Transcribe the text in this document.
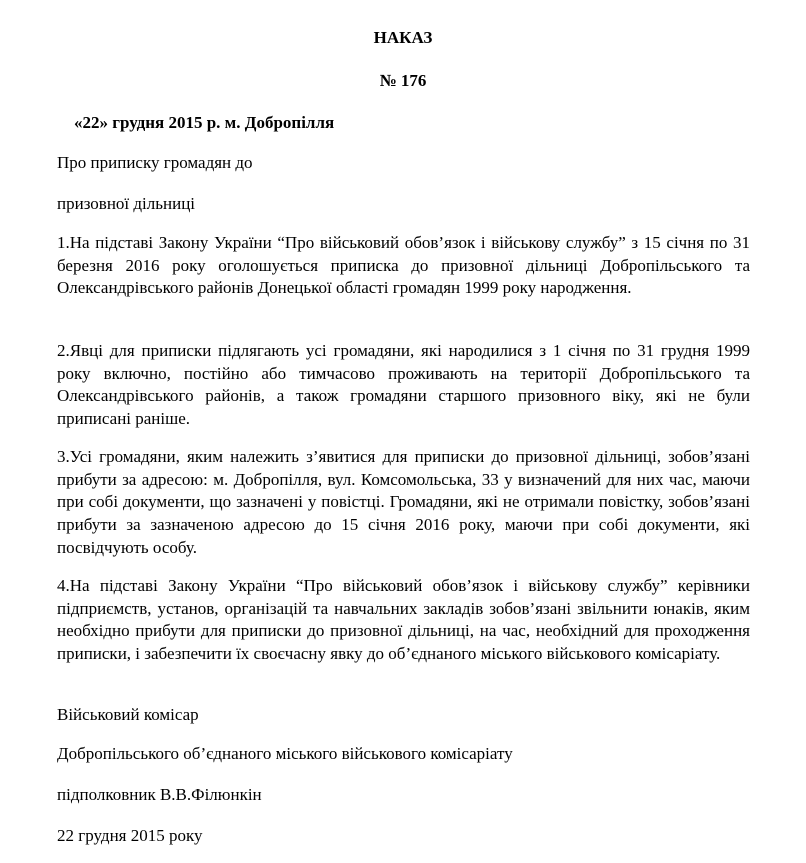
НАКАЗ
№ 176
«22» грудня 2015 р. м. Добропілля
Про приписку громадян до
призовної дільниці
1.На підставі Закону України “Про військовий обов’язок і військову службу” з 15 січня по 31 березня 2016 року оголошується приписка до призовної дільниці Добропільського та Олександрівського районів Донецької області громадян 1999 року народження.
2.Явці для приписки підлягають усі громадяни, які народилися з 1 січня по 31 грудня 1999 року включно, постійно або тимчасово проживають на території Добропільського та Олександрівського районів, а також громадяни старшого призовного віку, які не були приписані раніше.
3.Усі громадяни, яким належить з’явитися для приписки до призовної дільниці, зобов’язані прибути за адресою: м. Добропілля, вул. Комсомольська, 33 у визначений для них час, маючи при собі документи, що зазначені у повістці. Громадяни, які не отримали повістку, зобов’язані прибути за зазначеною адресою до 15 січня 2016 року, маючи при собі документи, які посвідчують особу.
4.На підставі Закону України “Про військовий обов’язок і військову службу” керівники підприємств, установ, організацій та навчальних закладів зобов’язані звільнити юнаків, яким необхідно прибути для приписки до призовної дільниці, на час, необхідний для проходження приписки, і забезпечити їх своєчасну явку до об’єднаного міського військового комісаріату.
Військовий комісар
Добропільського об’єднаного міського військового комісаріату
підполковник В.В.Філюнкін
22 грудня 2015 року
